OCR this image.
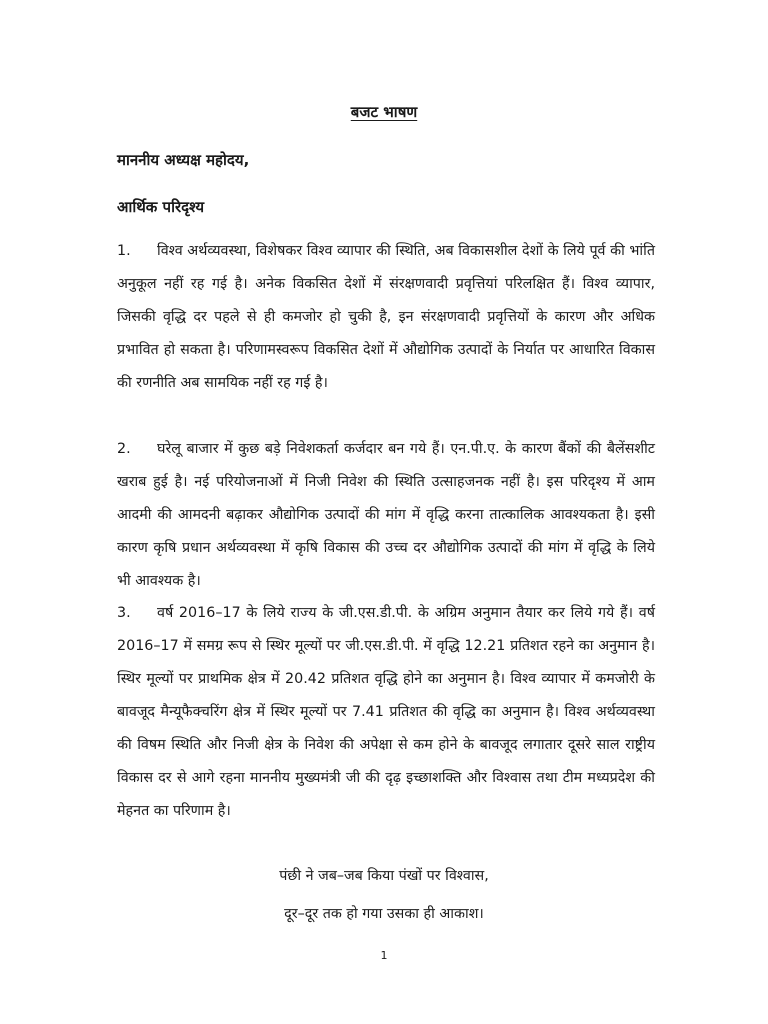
बजट भाषण

माननीय अध्यक्ष महोदय,

आर्थिक परिदृश्य

1. विश्व अर्थव्यवस्था, विशेषकर विश्व व्यापार की स्थिति, अब विकासशील देशों के लिये पूर्व की भांति अनुकूल नहीं रह गई है। अनेक विकसित देशों में संरक्षणवादी प्रवृत्तियां परिलक्षित हैं। विश्व व्यापार, जिसकी वृद्धि दर पहले से ही कमजोर हो चुकी है, इन संरक्षणवादी प्रवृत्तियों के कारण और अधिक प्रभावित हो सकता है। परिणामस्वरूप विकसित देशों में औद्योगिक उत्पादों के निर्यात पर आधारित विकास की रणनीति अब सामयिक नहीं रह गई है।

2. घरेलू बाजार में कुछ बड़े निवेशकर्ता कर्जदार बन गये हैं। एन.पी.ए. के कारण बैंकों की बैलेंसशीट खराब हुई है। नई परियोजनाओं में निजी निवेश की स्थिति उत्साहजनक नहीं है। इस परिदृश्य में आम आदमी की आमदनी बढ़ाकर औद्योगिक उत्पादों की मांग में वृद्धि करना तात्कालिक आवश्यकता है। इसी कारण कृषि प्रधान अर्थव्यवस्था में कृषि विकास की उच्च दर औद्योगिक उत्पादों की मांग में वृद्धि के लिये भी आवश्यक है।

3. वर्ष 2016–17 के लिये राज्य के जी.एस.डी.पी. के अग्रिम अनुमान तैयार कर लिये गये हैं। वर्ष 2016–17 में समग्र रूप से स्थिर मूल्यों पर जी.एस.डी.पी. में वृद्धि 12.21 प्रतिशत रहने का अनुमान है। स्थिर मूल्यों पर प्राथमिक क्षेत्र में 20.42 प्रतिशत वृद्धि होने का अनुमान है। विश्व व्यापार में कमजोरी के बावजूद मैन्यूफैक्चरिंग क्षेत्र में स्थिर मूल्यों पर 7.41 प्रतिशत की वृद्धि का अनुमान है। विश्व अर्थव्यवस्था की विषम स्थिति और निजी क्षेत्र के निवेश की अपेक्षा से कम होने के बावजूद लगातार दूसरे साल राष्ट्रीय विकास दर से आगे रहना माननीय मुख्यमंत्री जी की दृढ़ इच्छाशक्ति और विश्वास तथा टीम मध्यप्रदेश की मेहनत का परिणाम है।

पंछी ने जब–जब किया पंखों पर विश्वास,

दूर–दूर तक हो गया उसका ही आकाश।

1
